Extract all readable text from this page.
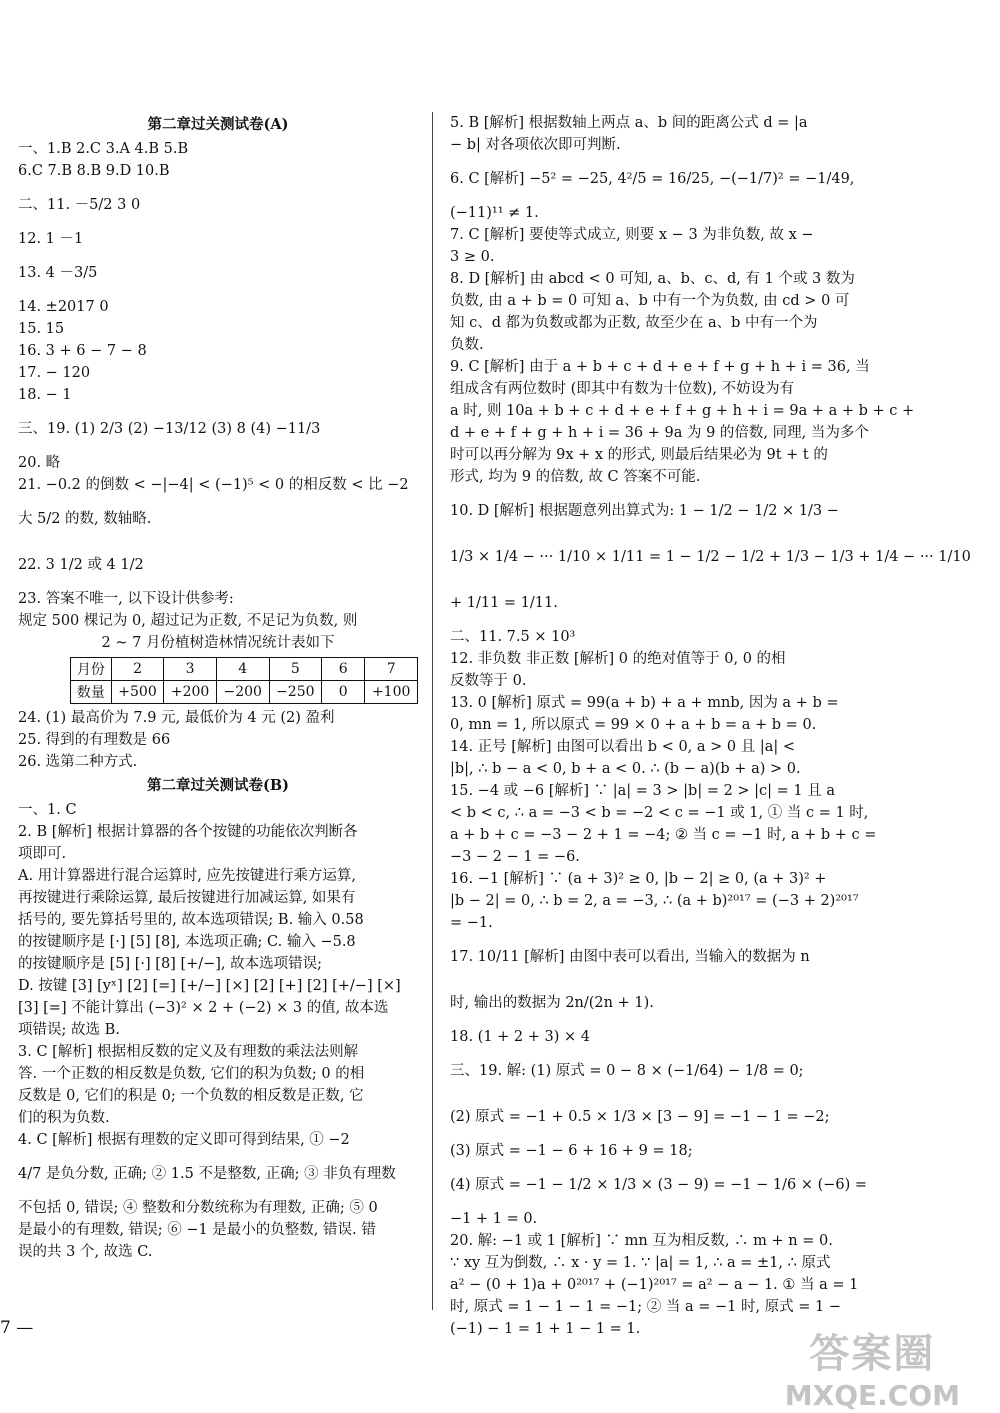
第二章过关测试卷(A)
一、1.B 2.C 3.A 4.B 5.B
6.C 7.B 8.B 9.D 10.B
二、11. －5/2 3 0
12. 1 －1
13. 4 －3/5
14. ±2017 0
15. 15
16. 3 + 6 − 7 − 8
17. − 120
18. − 1
三、19. (1) 2/3 (2) −13/12 (3) 8 (4) −11/3
20. 略
21. −0.2 的倒数 < −|−4| < (−1)⁵ < 0 的相反数 < 比 −2
大 5/2 的数, 数轴略.
22. 3 1/2 或 4 1/2
23. 答案不唯一, 以下设计供参考:
规定 500 棵记为 0, 超过记为正数, 不足记为负数, 则
2 ~ 7 月份植树造林情况统计表如下
月份	2	3	4	5	6	7
数量	+500	+200	−200	−250	0	+100
24. (1) 最高价为 7.9 元, 最低价为 4 元 (2) 盈利
25. 得到的有理数是 66
26. 选第二种方式.
第二章过关测试卷(B)
一、1. C
2. B [解析] 根据计算器的各个按键的功能依次判断各
项即可.
A. 用计算器进行混合运算时, 应先按键进行乘方运算,
再按键进行乘除运算, 最后按键进行加减运算, 如果有
括号的, 要先算括号里的, 故本选项错误; B. 输入 0.58
的按键顺序是 [·] [5] [8], 本选项正确; C. 输入 −5.8
的按键顺序是 [5] [·] [8] [+/−], 故本选项错误;
D. 按键 [3] [yˣ] [2] [=] [+/−] [×] [2] [+] [2] [+/−] [×]
[3] [=] 不能计算出 (−3)² × 2 + (−2) × 3 的值, 故本选
项错误; 故选 B.
3. C [解析] 根据相反数的定义及有理数的乘法法则解
答. 一个正数的相反数是负数, 它们的积为负数; 0 的相
反数是 0, 它们的积是 0; 一个负数的相反数是正数, 它
们的积为负数.
4. C [解析] 根据有理数的定义即可得到结果, ① −2
4/7 是负分数, 正确; ② 1.5 不是整数, 正确; ③ 非负有理数
不包括 0, 错误; ④ 整数和分数统称为有理数, 正确; ⑤ 0
是最小的有理数, 错误; ⑥ −1 是最小的负整数, 错误. 错
误的共 3 个, 故选 C.
5. B [解析] 根据数轴上两点 a、b 间的距离公式 d = |a
− b| 对各项依次即可判断.
6. C [解析] −5² = −25, 4²/5 = 16/25, −(−1/7)² = −1/49,
(−11)¹¹ ≠ 1.
7. C [解析] 要使等式成立, 则要 x − 3 为非负数, 故 x −
3 ≥ 0.
8. D [解析] 由 abcd < 0 可知, a、b、c、d, 有 1 个或 3 数为
负数, 由 a + b = 0 可知 a、b 中有一个为负数, 由 cd > 0 可
知 c、d 都为负数或都为正数, 故至少在 a、b 中有一个为
负数.
9. C [解析] 由于 a + b + c + d + e + f + g + h + i = 36, 当
组成含有两位数时 (即其中有数为十位数), 不妨设为有
a 时, 则 10a + b + c + d + e + f + g + h + i = 9a + a + b + c +
d + e + f + g + h + i = 36 + 9a 为 9 的倍数, 同理, 当为多个
时可以再分解为 9x + x 的形式, 则最后结果必为 9t + t 的
形式, 均为 9 的倍数, 故 C 答案不可能.
10. D [解析] 根据题意列出算式为: 1 − 1/2 − 1/2 × 1/3 −
1/3 × 1/4 − ··· 1/10 × 1/11 = 1 − 1/2 − 1/2 + 1/3 − 1/3 + 1/4 − ··· 1/10
+ 1/11 = 1/11.
二、11. 7.5 × 10³
12. 非负数 非正数 [解析] 0 的绝对值等于 0, 0 的相
反数等于 0.
13. 0 [解析] 原式 = 99(a + b) + a + mnb, 因为 a + b =
0, mn = 1, 所以原式 = 99 × 0 + a + b = a + b = 0.
14. 正号 [解析] 由图可以看出 b < 0, a > 0 且 |a| <
|b|, ∴ b − a < 0, b + a < 0. ∴ (b − a)(b + a) > 0.
15. −4 或 −6 [解析] ∵ |a| = 3 > |b| = 2 > |c| = 1 且 a
< b < c, ∴ a = −3 < b = −2 < c = −1 或 1, ① 当 c = 1 时,
a + b + c = −3 − 2 + 1 = −4; ② 当 c = −1 时, a + b + c =
−3 − 2 − 1 = −6.
16. −1 [解析] ∵ (a + 3)² ≥ 0, |b − 2| ≥ 0, (a + 3)² +
|b − 2| = 0, ∴ b = 2, a = −3, ∴ (a + b)²⁰¹⁷ = (−3 + 2)²⁰¹⁷
= −1.
17. 10/11 [解析] 由图中表可以看出, 当输入的数据为 n
时, 输出的数据为 2n/(2n + 1).
18. (1 + 2 + 3) × 4
三、19. 解: (1) 原式 = 0 − 8 × (−1/64) − 1/8 = 0;
(2) 原式 = −1 + 0.5 × 1/3 × [3 − 9] = −1 − 1 = −2;
(3) 原式 = −1 − 6 + 16 + 9 = 18;
(4) 原式 = −1 − 1/2 × 1/3 × (3 − 9) = −1 − 1/6 × (−6) =
−1 + 1 = 0.
20. 解: −1 或 1 [解析] ∵ mn 互为相反数, ∴ m + n = 0.
∵ xy 互为倒数, ∴ x · y = 1. ∵ |a| = 1, ∴ a = ±1, ∴ 原式
a² − (0 + 1)a + 0²⁰¹⁷ + (−1)²⁰¹⁷ = a² − a − 1. ① 当 a = 1
时, 原式 = 1 − 1 − 1 = −1; ② 当 a = −1 时, 原式 = 1 −
(−1) − 1 = 1 + 1 − 1 = 1.
7 —
答案圈
MXQE.COM
